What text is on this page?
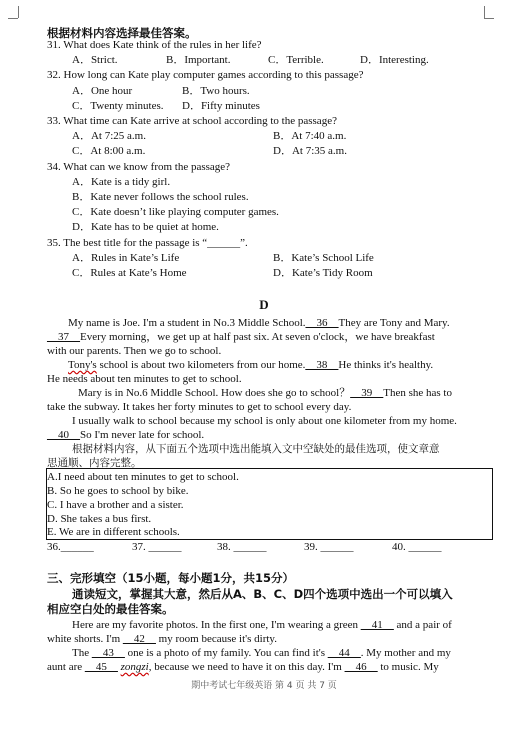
根据材料内容选择最佳答案。
31. What does Kate think of the rules in her life?
A．Strict.	B．Important.	C．Terrible.	D．Interesting.
32. How long can Kate play computer games according to this passage?
A．One hour	B．Two hours.
C．Twenty minutes. D．Fifty minutes
33. What time can Kate arrive at school according to the passage?
A．At 7:25 a.m.	B．At 7:40 a.m.
C．At 8:00 a.m.	D．At 7:35 a.m.
34. What can we know from the passage?
A．Kate is a tidy girl.
B．Kate never follows the school rules.
C．Kate doesn’t like playing computer games.
D．Kate has to be quiet at home.
35. The best title for the passage is “______”.
A．Rules in Kate’s Life	B．Kate’s School Life
C．Rules at Kate’s Home	D．Kate’s Tidy Room
D
My name is Joe. I'm a student in No.3 Middle School.__36__They are Tony and Mary.
__37__Every morning，we get up at half past six. At seven o'clock，we have breakfast
with our parents. Then we go to school.
Tony's school is about two kilometers from our home.__38__He thinks it's healthy.
He needs about ten minutes to get to school.
Mary is in No.6 Middle School. How does she go to school？__39__Then she has to
take the subway. It takes her forty minutes to get to school every day.
I usually walk to school because my school is only about one kilometer from my home.
__40__So I'm never late for school.
根据材料内容，从下面五个选项中选出能填入文中空缺处的最佳选项，使文章意
思通顺、内容完整。
A.I need about ten minutes to get to school.
B. So he goes to school by bike.
C. I have a brother and a sister.
D. She takes a bus first.
E. We are in different schools.
36.______	37. ______	38. ______	39. ______	40. ______
三、完形填空（15小题，每小题1分，共15分）
通读短文，掌握其大意，然后从A、B、C、D四个选项中选出一个可以填入
相应空白处的最佳答案。
Here are my favorite photos. In the first one, I'm wearing a green __41__ and a pair of
white shorts. I'm __42__ my room because it's dirty.
The __43__ one is a photo of my family. You can find it's __44__. My mother and my
aunt are __45__ zongzi, because we need to have it on this day. I'm __46__ to music. My
期中考试七年级英语 第 4 页 共 7 页
